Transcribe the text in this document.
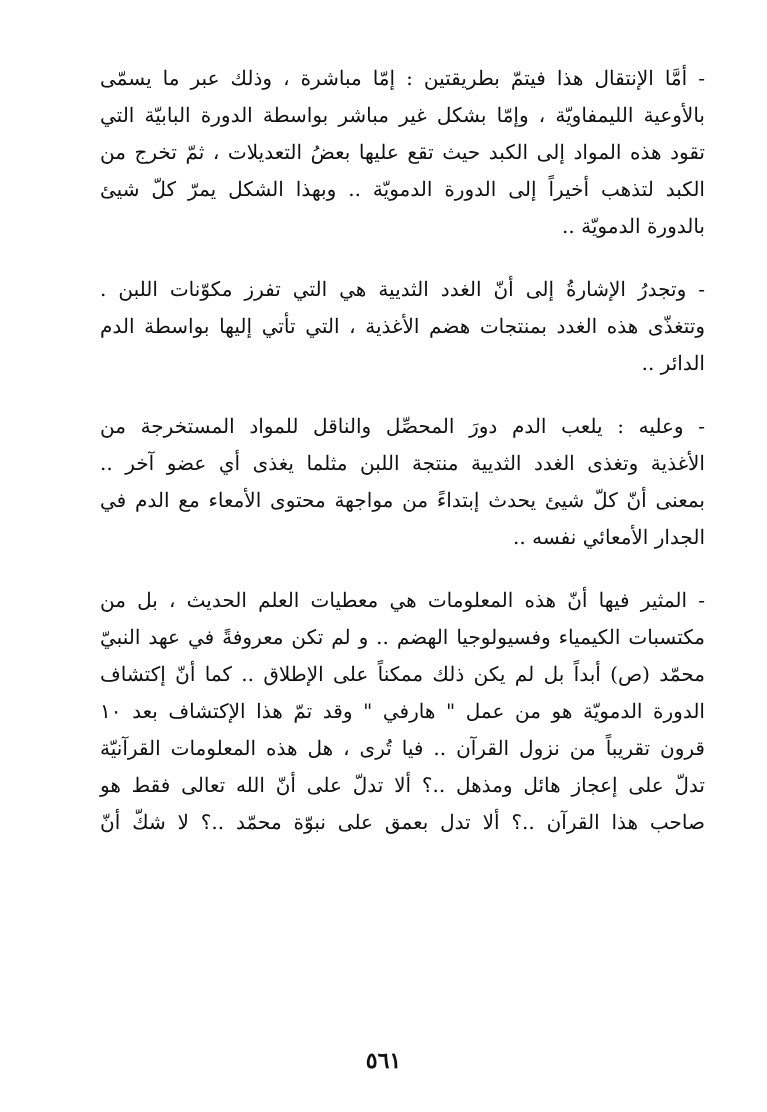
- أمَّا الإنتقال هذا فيتمّ بطريقتين : إمّا مباشرة ، وذلك عبر ما يسمّى
بالأوعية الليمفاويّة ، وإمّا بشكل غير مباشر بواسطة الدورة البابيّة التي
تقود هذه المواد إلى الكبد حيث تقع عليها بعضُ التعديلات ، ثمّ تخرج من
الكبد لتذهب أخيراً إلى الدورة الدمويّة .. وبهذا الشكل يمرّ كلّ شيئ
بالدورة الدمويّة ..
- وتجدرُ الإشارةُ إلى أنّ الغدد الثديية هي التي تفرز مكوّنات اللبن .
وتتغذّى هذه الغدد بمنتجات هضم الأغذية ، التي تأتي إليها بواسطة الدم
الدائر ..
- وعليه : يلعب الدم دورَ المحصِّل والناقل للمواد المستخرجة من
الأغذية وتغذى الغدد الثديية منتجة اللبن مثلما يغذى أي عضو آخر ..
بمعنى أنّ كلّ شيئ يحدث إبتداءً من مواجهة محتوى الأمعاء مع الدم في
الجدار الأمعائي نفسه ..
- المثير فيها أنّ هذه المعلومات هي معطيات العلم الحديث ، بل من
مكتسبات الكيمياء وفسيولوجيا الهضم .. و لم تكن معروفةً في عهد النبيّ
محمّد (ص) أبداً بل لم يكن ذلك ممكناً على الإطلاق .. كما أنّ إكتشاف
الدورة الدمويّة هو من عمل " هارفي " وقد تمّ هذا الإكتشاف بعد ١٠
قرون تقريباً من نزول القرآن .. فيا تُرى ، هل هذه المعلومات القرآنيّة
تدلّ على إعجاز هائل ومذهل ..؟ ألا تدلّ على أنّ الله تعالى فقط هو
صاحب هذا القرآن ..؟ ألا تدل بعمق على نبوّة محمّد ..؟ لا شكّ أنّ
٥٦١
